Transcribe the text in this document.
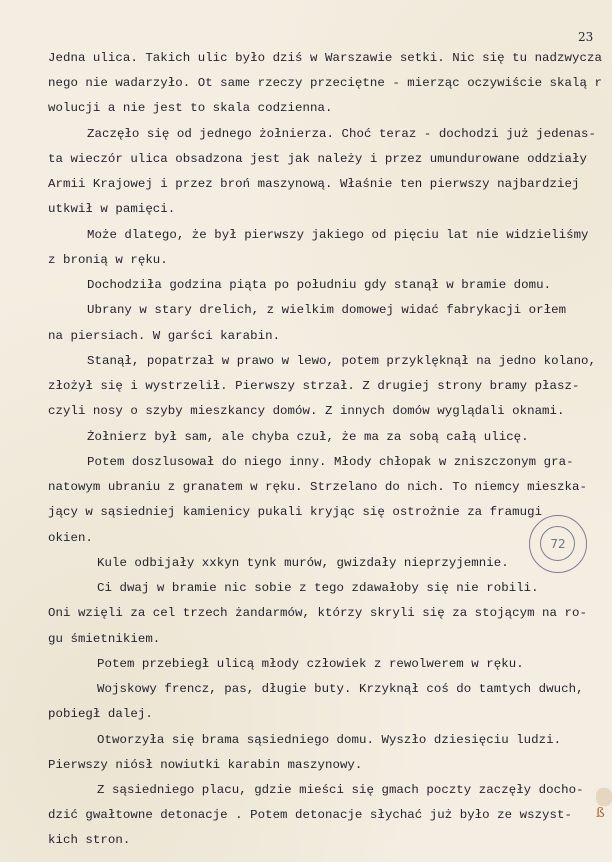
23
Jedna ulica. Takich ulic było dziś w Warszawie setki. Nic się tu nadzwycza
nego nie wadarzyło. Ot same rzeczy przeciętne - mierząc oczywiście skalą r
wolucji a nie jest to skala codzienna.
Zaczęło się od jednego żołnierza. Choć teraz - dochodzi już jedenas-
ta wieczór ulica obsadzona jest jak należy i przez umundurowane oddziały
Armii Krajowej i przez broń maszynową. Właśnie ten pierwszy najbardziej
utkwił w pamięci.
Może dlatego, że był pierwszy jakiego od pięciu lat nie widzieliśmy
z bronią w ręku.
Dochodziła godzina piąta po południu gdy stanął w bramie domu.
Ubrany w stary drelich, z wielkim domowej widać fabrykacji orłem
na piersiach. W garści karabin.
Stanął, popatrzał w prawo w lewo, potem przyklęknął na jedno kolano,
złożył się i wystrzelił. Pierwszy strzał. Z drugiej strony bramy płasz-
czyli nosy o szyby mieszkancy domów. Z innych domów wyglądali oknami.
Żołnierz był sam, ale chyba czuł, że ma za sobą całą ulicę.
Potem doszlusował do niego inny. Młody chłopak w zniszczonym gra-
natowym ubraniu z granatem w ręku. Strzelano do nich. To niemcy mieszka-
jący w sąsiedniej kamienicy pukali kryjąc się ostrożnie za framugi
okien.
Kule odbijały xxkyn tynk murów, gwizdały nieprzyjemnie.
Ci dwaj w bramie nic sobie z tego zdawałoby się nie robili.
Oni wzięli za cel trzech żandarmów, którzy skryli się za stojącym na ro-
gu śmietnikiem.
Potem przebiegł ulicą młody człowiek z rewolwerem w ręku.
Wojskowy frencz, pas, długie buty. Krzyknął coś do tamtych dwuch,
pobiegł dalej.
Otworzyła się brama sąsiedniego domu. Wyszło dziesięciu ludzi.
Pierwszy niósł nowiutki karabin maszynowy.
Z sąsiedniego placu, gdzie mieści się gmach poczty zaczęły docho-
dzić gwałtowne detonacje . Potem detonacje słychać już było ze wszyst-
kich stron.
72
ß
